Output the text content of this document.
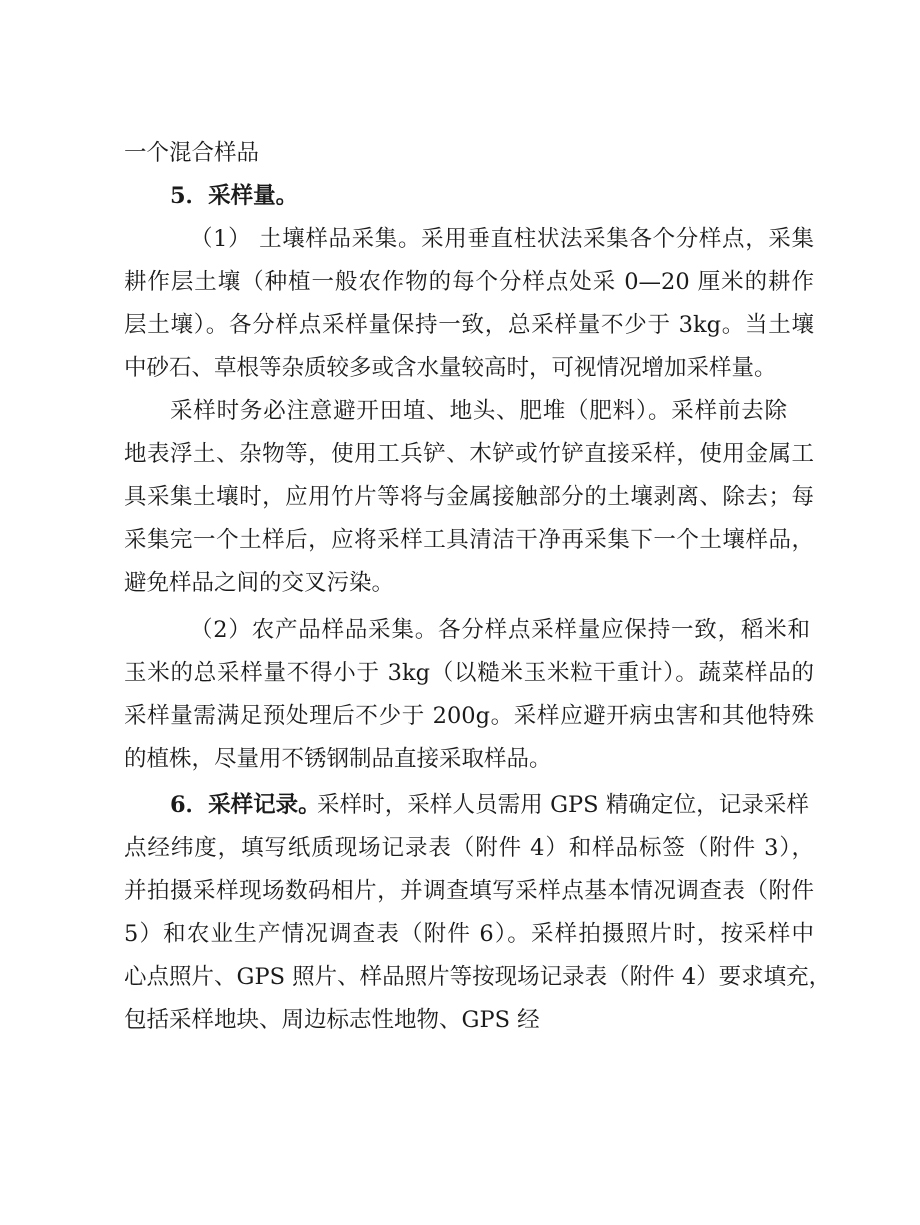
一个混合样品
5．采样量。
（1） 土壤样品采集。采用垂直柱状法采集各个分样点，采集
耕作层土壤（种植一般农作物的每个分样点处采 0—20 厘米的耕作
层土壤）。各分样点采样量保持一致，总采样量不少于 3kg。当土壤
中砂石、草根等杂质较多或含水量较高时，可视情况增加采样量。
采样时务必注意避开田埴、地头、肥堆（肥料）。采样前去除
地表浮土、杂物等，使用工兵铲、木铲或竹铲直接采样，使用金属工
具采集土壤时，应用竹片等将与金属接触部分的土壤剥离、除去；每
采集完一个土样后，应将采样工具清洁干净再采集下一个土壤样品，
避免样品之间的交叉污染。
（2）农产品样品采集。各分样点采样量应保持一致，稻米和
玉米的总采样量不得小于 3kg（以糙米玉米粒干重计）。蔬菜样品的
采样量需满足预处理后不少于 200g。采样应避开病虫害和其他特殊
的植株，尽量用不锈钢制品直接采取样品。
6．采样记录。
采样时，采样人员需用 GPS 精确定位，记录采样
点经纬度，填写纸质现场记录表（附件 4）和样品标签（附件 3），
并拍摄采样现场数码相片，并调查填写采样点基本情况调查表（附件
5）和农业生产情况调查表（附件 6）。采样拍摄照片时，按采样中
心点照片、GPS 照片、样品照片等按现场记录表（附件 4）要求填充，
包括采样地块、周边标志性地物、GPS 经
